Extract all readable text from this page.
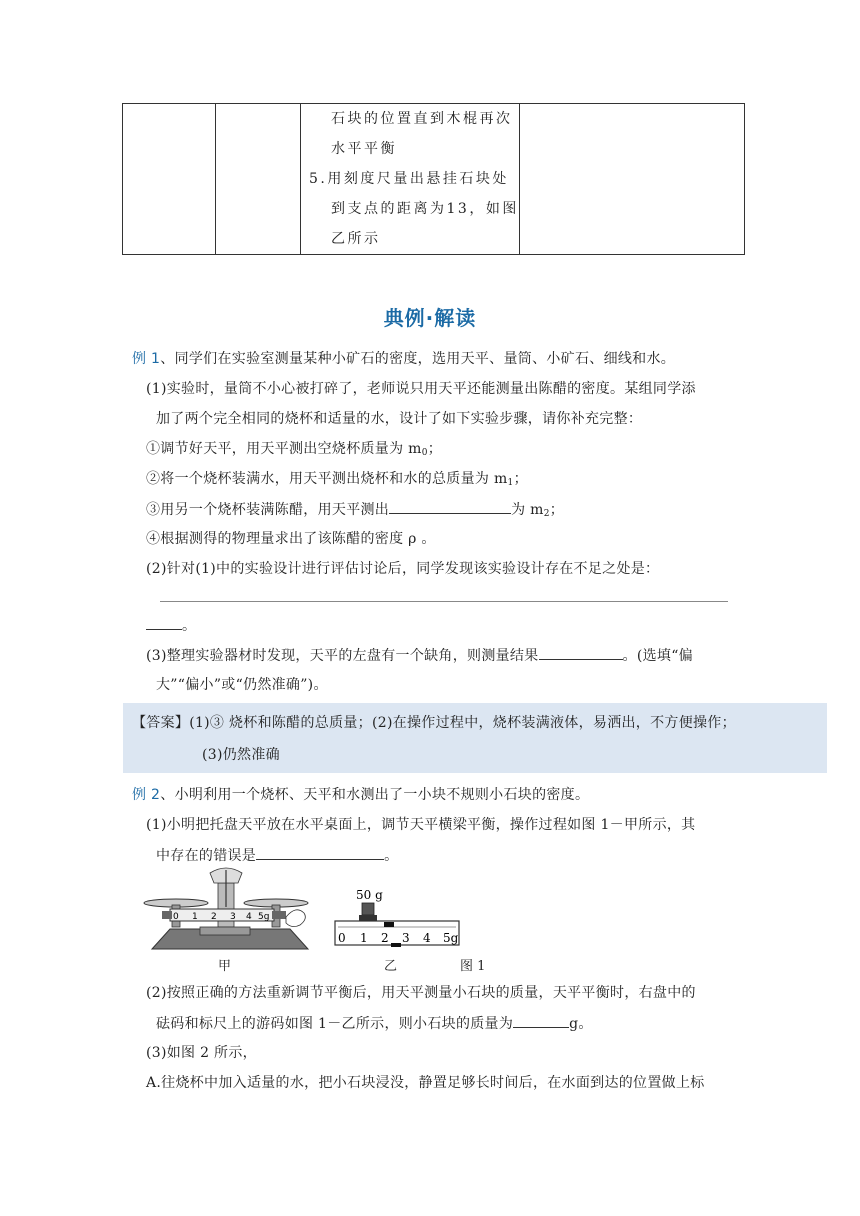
石块的位置直到木棍再次
水平平衡
5.用刻度尺量出悬挂石块处
到支点的距离为13，如图
乙所示

典例·解读
例 1、同学们在实验室测量某种小矿石的密度，选用天平、量筒、小矿石、细线和水。
(1)实验时，量筒不小心被打碎了，老师说只用天平还能测量出陈醋的密度。某组同学添
加了两个完全相同的烧杯和适量的水，设计了如下实验步骤，请你补充完整：
①调节好天平，用天平测出空烧杯质量为 $m_0$；
②将一个烧杯装满水，用天平测出烧杯和水的总质量为 $m_1$；
③用另一个烧杯装满陈醋，用天平测出	为 $m_2$；
④根据测得的物理量求出了该陈醋的密度 ρ 。
(2)针对(1)中的实验设计进行评估讨论后，同学发现该实验设计存在不足之处是：
。
(3)整理实验器材时发现，天平的左盘有一个缺角，则测量结果	。(选填“偏
大”“偏小”或“仍然准确”)。
【答案】(1)③ 烧杯和陈醋的总质量；(2)在操作过程中，烧杯装满液体，易洒出，不方便操作；
(3)仍然准确
例 2、小明利用一个烧杯、天平和水测出了一小块不规则小石块的密度。
(1)小明把托盘天平放在水平桌面上，调节天平横梁平衡，操作过程如图 1－甲所示，其
中存在的错误是	。
0 1 2 3 4 5g
50 g
0 1 2 3 4 5g
甲	乙	图 1
(2)按照正确的方法重新调节平衡后，用天平测量小石块的质量，天平平衡时，右盘中的
砝码和标尺上的游码如图 1－乙所示，则小石块的质量为	g。
(3)如图 2 所示，
A.往烧杯中加入适量的水，把小石块浸没，静置足够长时间后，在水面到达的位置做上标
